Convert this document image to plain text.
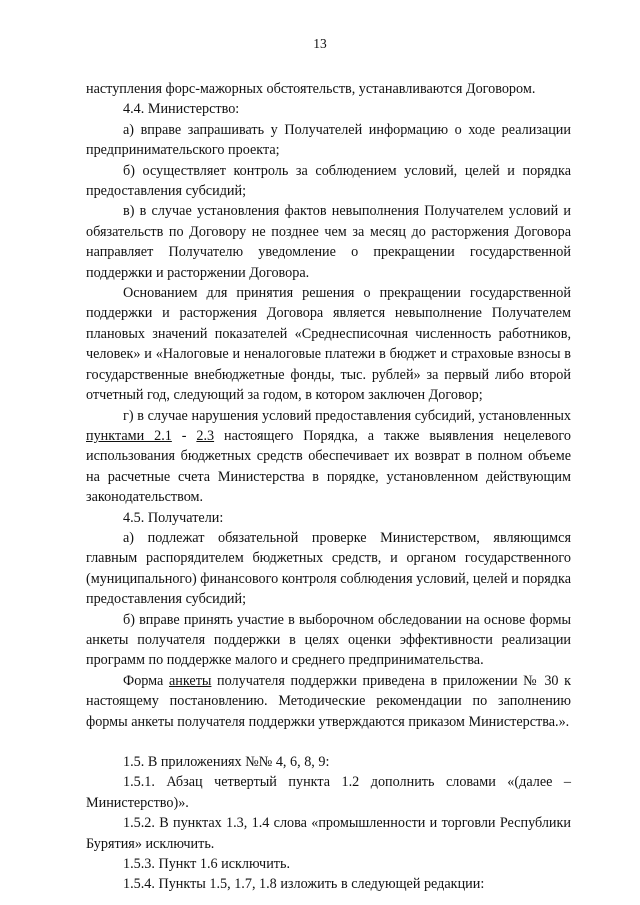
13

наступления форс-мажорных обстоятельств, устанавливаются Договором.

4.4. Министерство:

а) вправе запрашивать у Получателей информацию о ходе реализации предпринимательского проекта;

б) осуществляет контроль за соблюдением условий, целей и порядка предоставления субсидий;

в) в случае установления фактов невыполнения Получателем условий и обязательств по Договору не позднее чем за месяц до расторжения Договора направляет Получателю уведомление о прекращении государственной поддержки и расторжении Договора.

Основанием для принятия решения о прекращении государственной поддержки и расторжения Договора является невыполнение Получателем плановых значений показателей «Среднесписочная численность работников, человек» и «Налоговые и неналоговые платежи в бюджет и страховые взносы в государственные внебюджетные фонды, тыс. рублей» за первый либо второй отчетный год, следующий за годом, в котором заключен Договор;

г) в случае нарушения условий предоставления субсидий, установленных пунктами 2.1 - 2.3 настоящего Порядка, а также выявления нецелевого использования бюджетных средств обеспечивает их возврат в полном объеме на расчетные счета Министерства в порядке, установленном действующим законодательством.

4.5. Получатели:

а) подлежат обязательной проверке Министерством, являющимся главным распорядителем бюджетных средств, и органом государственного (муниципального) финансового контроля соблюдения условий, целей и порядка предоставления субсидий;

б) вправе принять участие в выборочном обследовании на основе формы анкеты получателя поддержки в целях оценки эффективности реализации программ по поддержке малого и среднего предпринимательства.

Форма анкеты получателя поддержки приведена в приложении № 30 к настоящему постановлению. Методические рекомендации по заполнению формы анкеты получателя поддержки утверждаются приказом Министерства.».

1.5. В приложениях №№ 4, 6, 8, 9:

1.5.1. Абзац четвертый пункта 1.2 дополнить словами «(далее – Министерство)».

1.5.2. В пунктах 1.3, 1.4 слова «промышленности и торговли Республики Бурятия» исключить.

1.5.3. Пункт 1.6 исключить.

1.5.4. Пункты 1.5, 1.7, 1.8 изложить в следующей редакции:
